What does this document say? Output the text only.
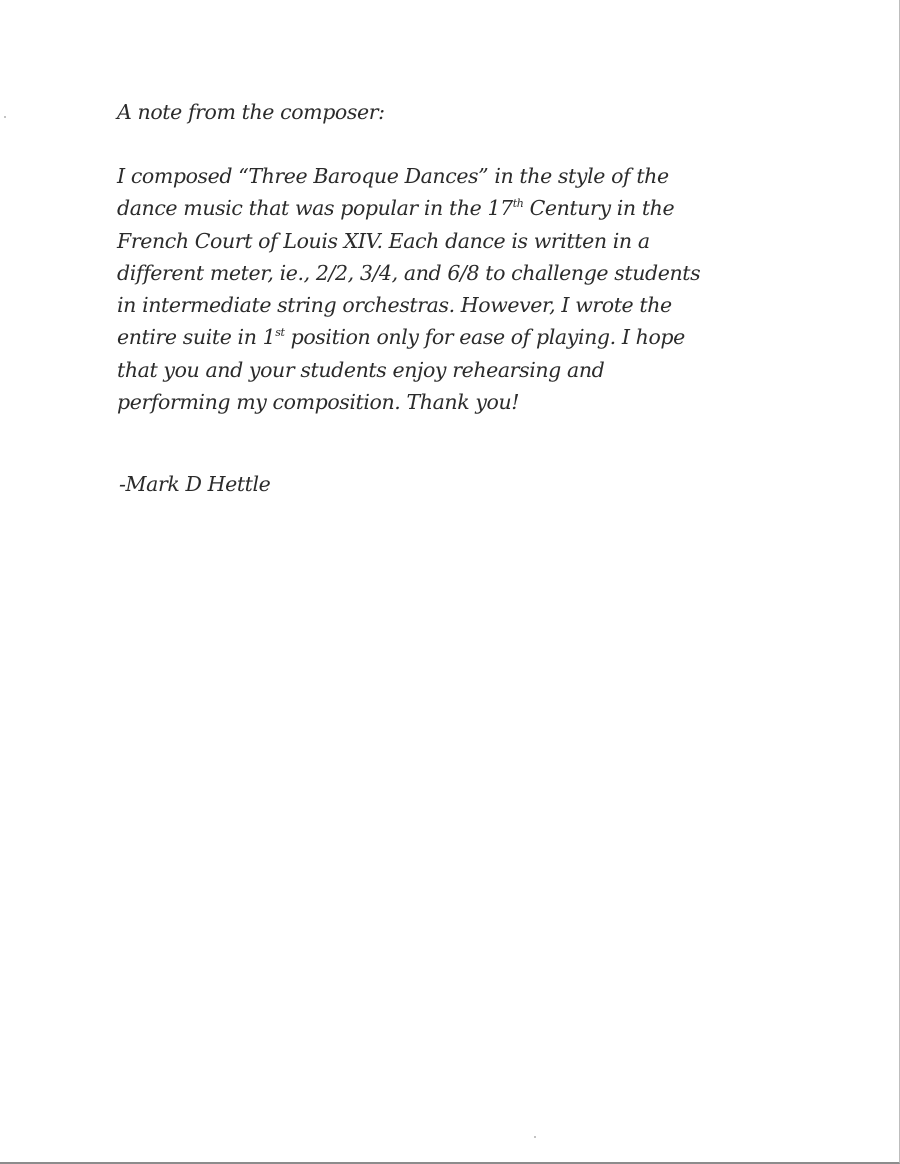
A note from the composer:
I composed “Three Baroque Dances” in the style of the
dance music that was popular in the 17th Century in the
French Court of Louis XIV. Each dance is written in a
different meter, ie., 2/2, 3/4, and 6/8 to challenge students
in intermediate string orchestras. However, I wrote the
entire suite in 1st position only for ease of playing. I hope
that you and your students enjoy rehearsing and
performing my composition. Thank you!
-Mark D Hettle
